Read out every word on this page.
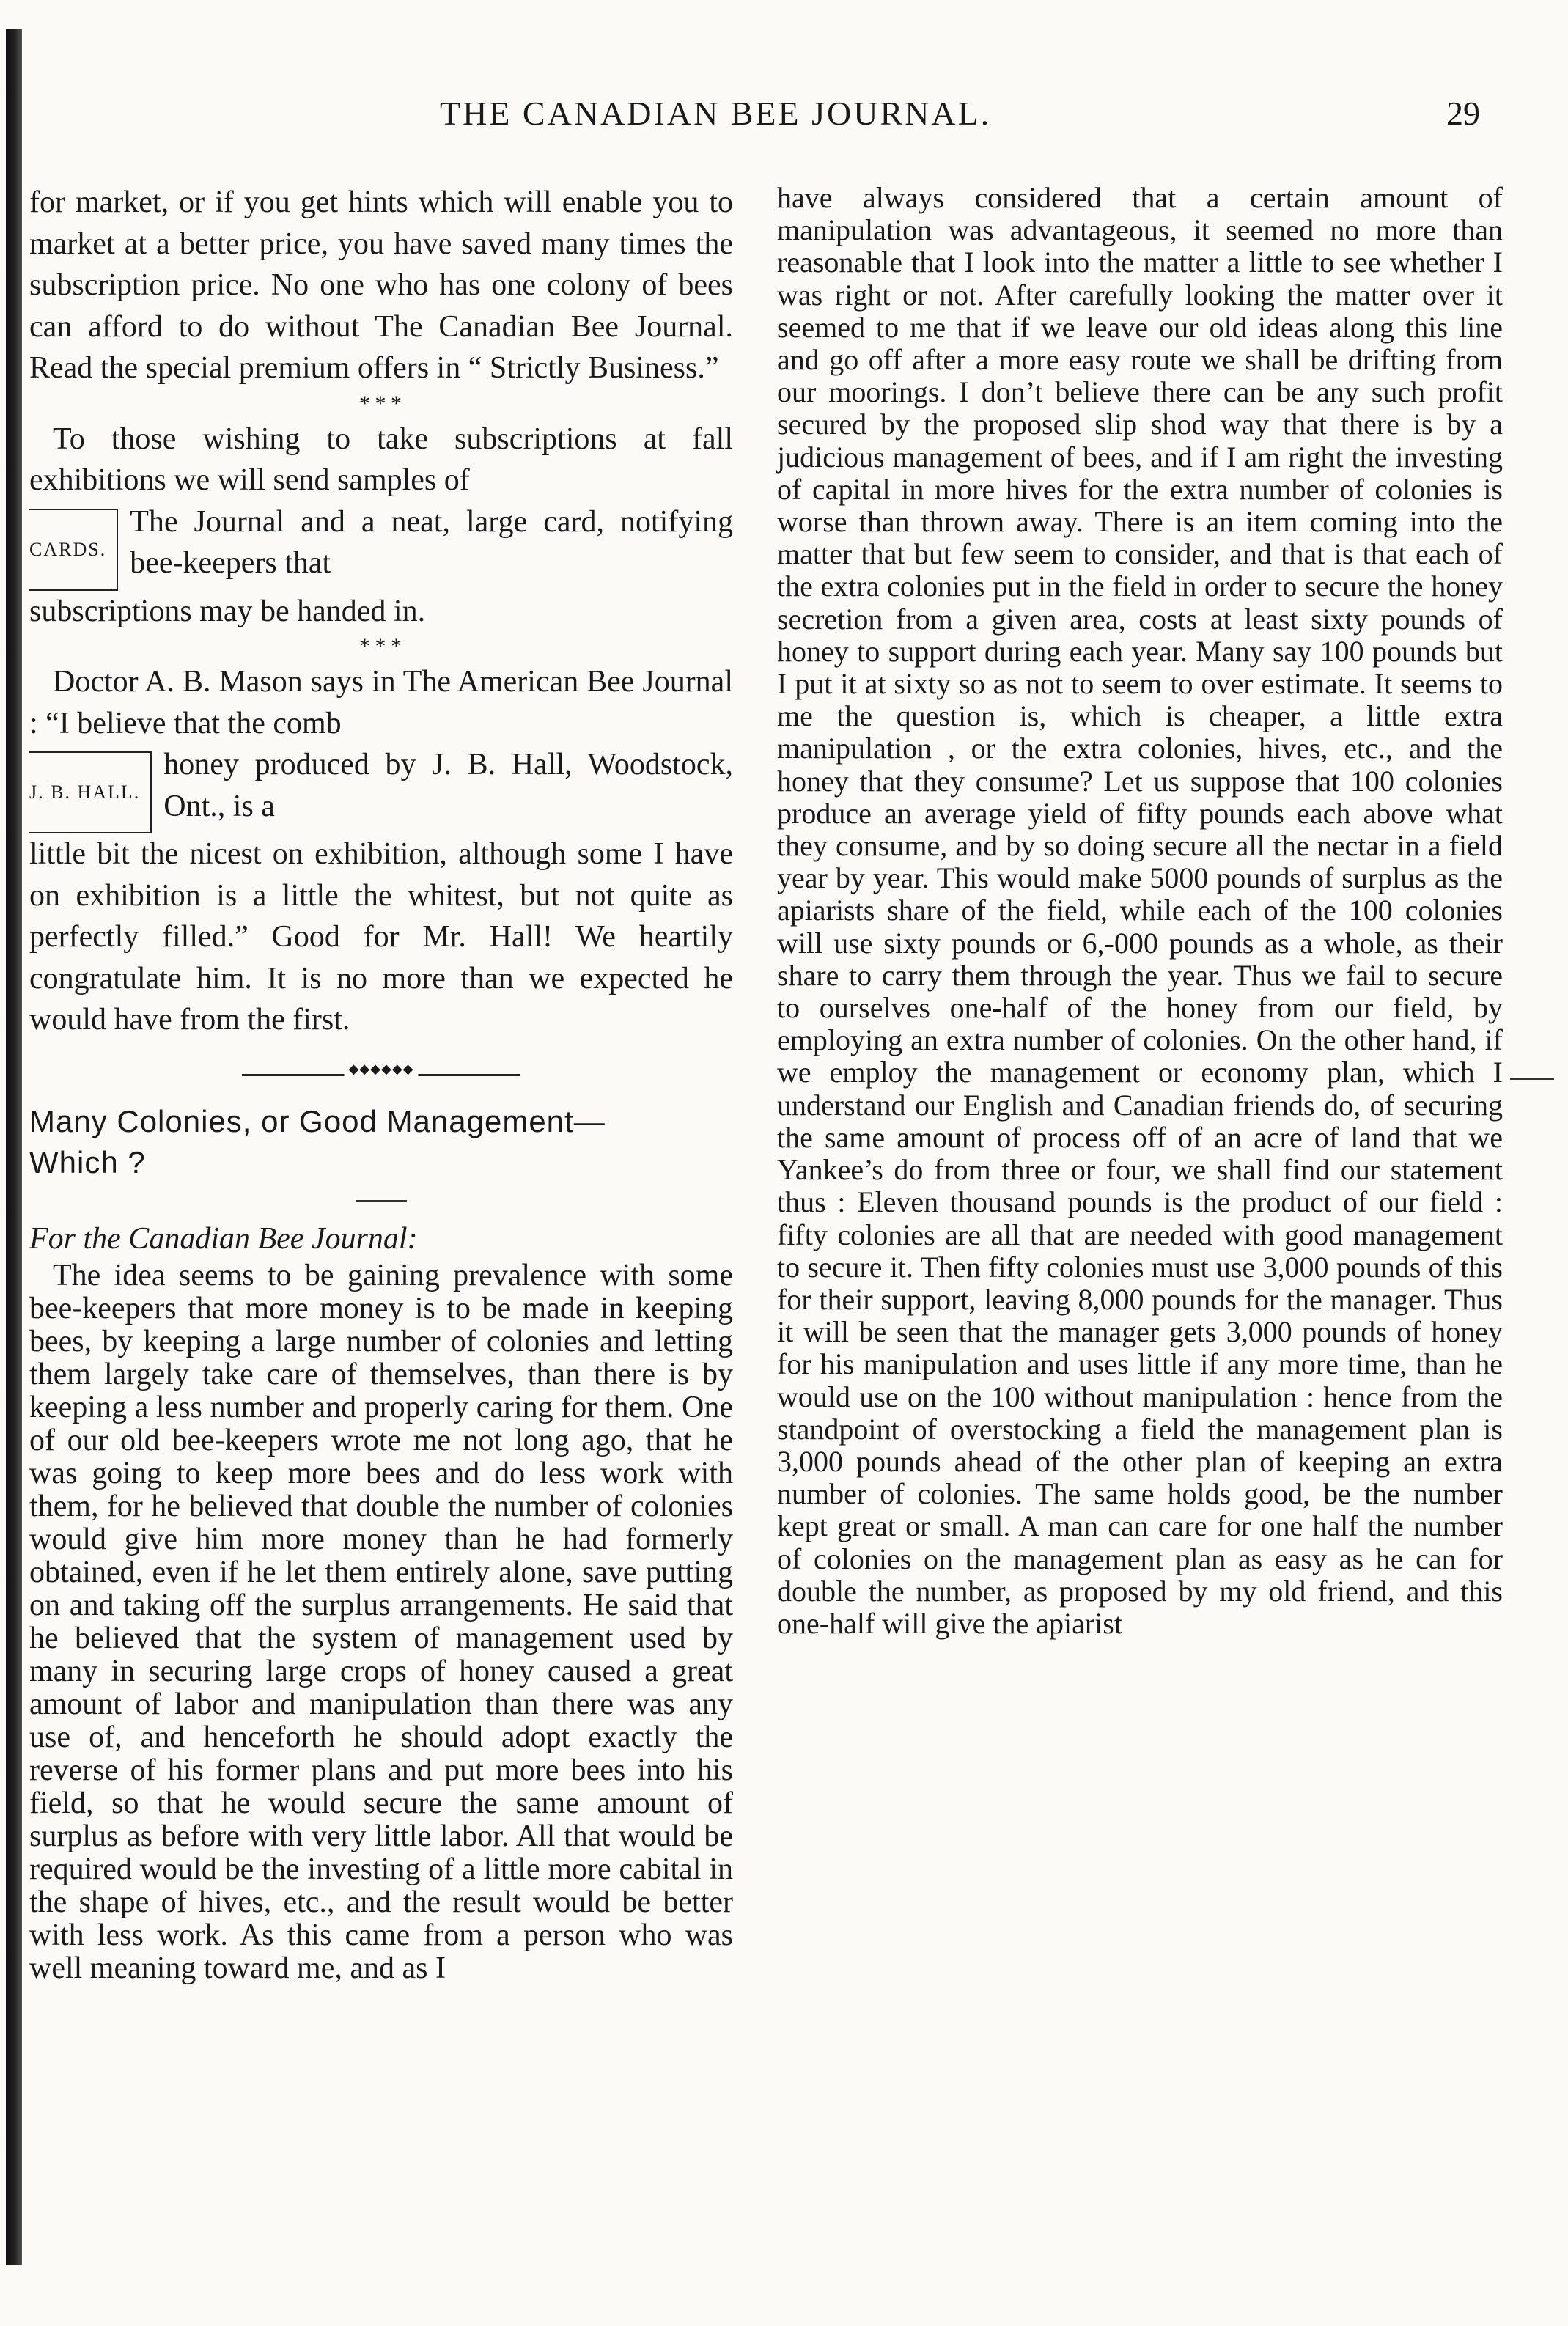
THE CANADIAN BEE JOURNAL.	29

for market, or if you get hints which will enable you to market at a better price, you have saved many times the subscription price. No one who has one colony of bees can afford to do without The Canadian Bee Journal. Read the special premium offers in “ Strictly Business.”

* * *

To those wishing to take subscriptions at fall exhibitions we will send samples of

CARDS.
The Journal and a neat, large card, notifying bee-keepers that

subscriptions may be handed in.

* * *

Doctor A. B. Mason says in The American Bee Journal : “I believe that the comb

J. B. HALL.
honey produced by J. B. Hall, Woodstock, Ont., is a

little bit the nicest on exhibition, although some I have on exhibition is a little the whitest, but not quite as perfectly filled.” Good for Mr. Hall! We heartily congratulate him. It is no more than we expected he would have from the first.

◆◆◆◆◆◆

Many Colonies, or Good Management—

Which ?

For the Canadian Bee Journal:

The idea seems to be gaining prevalence with some bee-keepers that more money is to be made in keeping bees, by keeping a large number of colonies and letting them largely take care of themselves, than there is by keeping a less number and properly caring for them. One of our old bee-keepers wrote me not long ago, that he was going to keep more bees and do less work with them, for he believed that double the number of colonies would give him more money than he had formerly obtained, even if he let them entirely alone, save putting on and taking off the surplus arrangements. He said that he believed that the system of management used by many in securing large crops of honey caused a great amount of labor and manipulation than there was any use of, and henceforth he should adopt exactly the reverse of his former plans and put more bees into his field, so that he would secure the same amount of surplus as before with very little labor. All that would be required would be the investing of a little more cabital in the shape of hives, etc., and the result would be better with less work. As this came from a person who was well meaning toward me, and as I

have always considered that a certain amount of manipulation was advantageous, it seemed no more than reasonable that I look into the matter a little to see whether I was right or not. After carefully looking the matter over it seemed to me that if we leave our old ideas along this line and go off after a more easy route we shall be drifting from our moorings. I don’t believe there can be any such profit secured by the proposed slip shod way that there is by a judicious management of bees, and if I am right the investing of capital in more hives for the extra number of colonies is worse than thrown away. There is an item coming into the matter that but few seem to consider, and that is that each of the extra colonies put in the field in order to secure the honey secretion from a given area, costs at least sixty pounds of honey to support during each year. Many say 100 pounds but I put it at sixty so as not to seem to over estimate. It seems to me the question is, which is cheaper, a little extra manipulation , or the extra colonies, hives, etc., and the honey that they consume? Let us suppose that 100 colonies produce an average yield of fifty pounds each above what they consume, and by so doing secure all the nectar in a field year by year. This would make 5000 pounds of surplus as the apiarists share of the field, while each of the 100 colonies will use sixty pounds or 6,-000 pounds as a whole, as their share to carry them through the year. Thus we fail to secure to ourselves one-half of the honey from our field, by employing an extra number of colonies. On the other hand, if we employ the management or economy plan, which I understand our English and Canadian friends do, of securing the same amount of process off of an acre of land that we Yankee’s do from three or four, we shall find our statement thus : Eleven thousand pounds is the product of our field : fifty colonies are all that are needed with good management to secure it. Then fifty colonies must use 3,000 pounds of this for their support, leaving 8,000 pounds for the manager. Thus it will be seen that the manager gets 3,000 pounds of honey for his manipulation and uses little if any more time, than he would use on the 100 without manipulation : hence from the standpoint of overstocking a field the management plan is 3,000 pounds ahead of the other plan of keeping an extra number of colonies. The same holds good, be the number kept great or small. A man can care for one half the number of colonies on the management plan as easy as he can for double the number, as proposed by my old friend, and this one-half will give the apiarist
